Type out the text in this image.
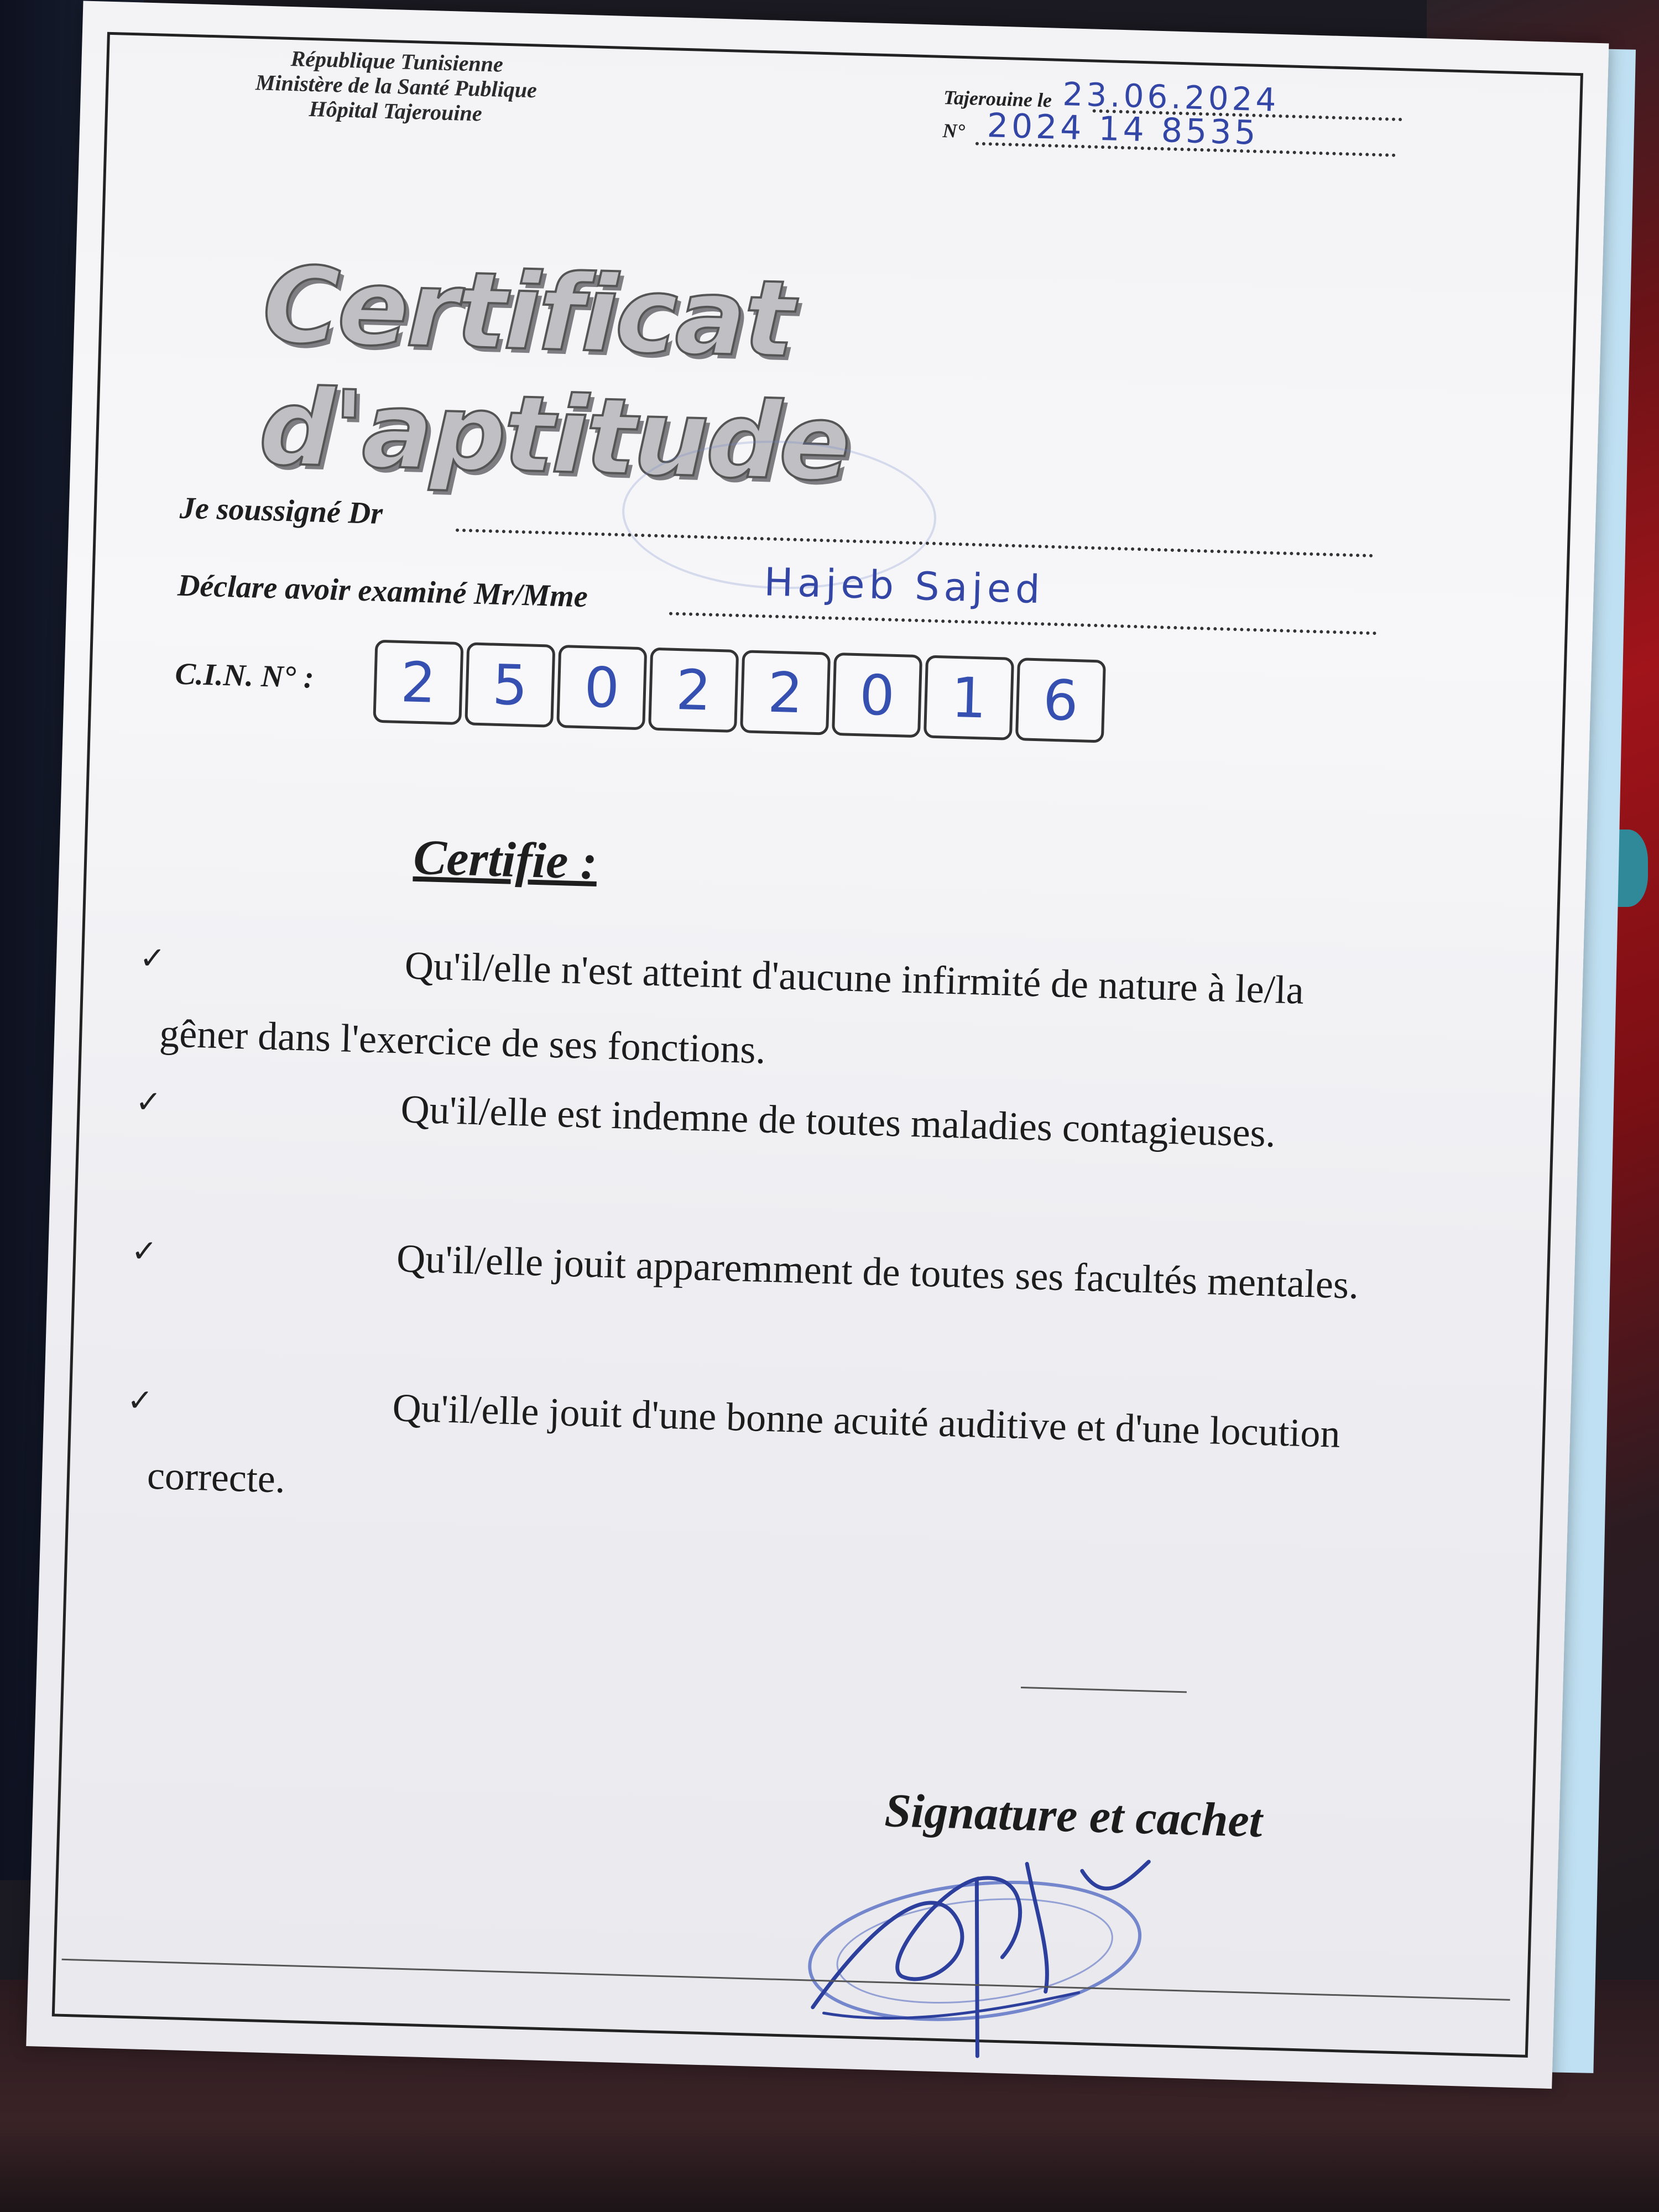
République Tunisienne
Ministère de la Santé Publique
Hôpital Tajerouine	Tajerouine le 23.06.2024
N° 2024 14 8535
Certificat d'aptitude
Je soussigné Dr
Déclare avoir examiné Mr/Mme	Hajeb Sajed
C.I.N. N° :	2 5 0 2 2 0 1 6
Certifie :
✓	Qu'il/elle n'est atteint d'aucune infirmité de nature à le/la gêner dans l'exercice de ses fonctions.
✓	Qu'il/elle est indemne de toutes maladies contagieuses.
✓	Qu'il/elle jouit apparemment de toutes ses facultés mentales.
✓	Qu'il/elle jouit d'une bonne acuité auditive et d'une locution correcte.
Signature et cachet
